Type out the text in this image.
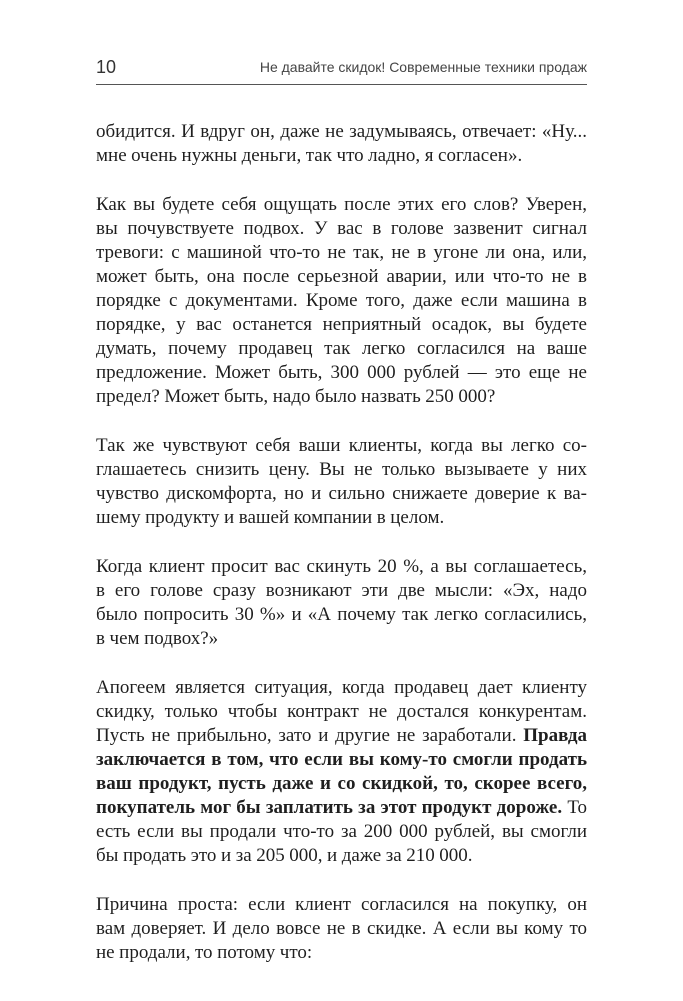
10	Не давайте скидок! Современные техники продаж

обидится. И вдруг он, даже не задумываясь, отвечает: «Ну...
мне очень нужны деньги, так что ладно, я согласен».

Как вы будете себя ощущать после этих его слов? Уверен,
вы почувствуете подвох. У вас в голове зазвенит сигнал
тревоги: с машиной что-то не так, не в угоне ли она, или,
может быть, она после серьезной аварии, или что-то не в
порядке с документами. Кроме того, даже если машина в
порядке, у вас останется неприятный осадок, вы будете
думать, почему продавец так легко согласился на ваше
предложение. Может быть, 300 000 рублей — это еще не
предел? Может быть, надо было назвать 250 000?

Так же чувствуют себя ваши клиенты, когда вы легко со-
глашаетесь снизить цену. Вы не только вызываете у них
чувство дискомфорта, но и сильно снижаете доверие к ва-
шему продукту и вашей компании в целом.

Когда клиент просит вас скинуть 20 %, а вы соглашаетесь,
в его голове сразу возникают эти две мысли: «Эх, надо
было попросить 30 %» и «А почему так легко согласились,
в чем подвох?»

Апогеем является ситуация, когда продавец дает клиенту
скидку, только чтобы контракт не достался конкурентам.
Пусть не прибыльно, зато и другие не заработали. Правда
заключается в том, что если вы кому-то смогли продать
ваш продукт, пусть даже и со скидкой, то, скорее всего,
покупатель мог бы заплатить за этот продукт дороже. То
есть если вы продали что-то за 200 000 рублей, вы смогли
бы продать это и за 205 000, и даже за 210 000.

Причина проста: если клиент согласился на покупку, он
вам доверяет. И дело вовсе не в скидке. А если вы кому то
не продали, то потому что:
